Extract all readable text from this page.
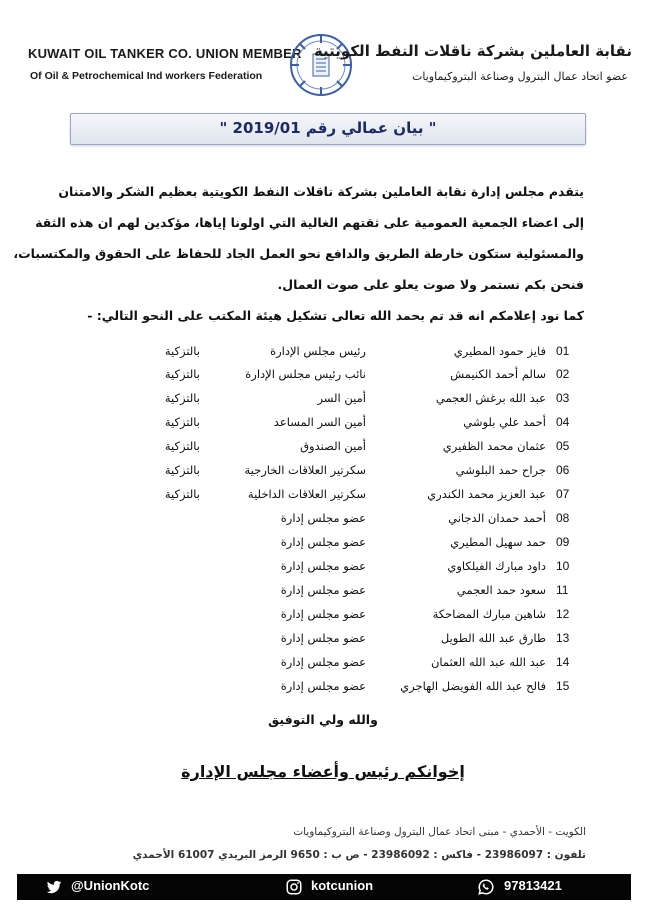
KUWAIT OIL TANKER CO. UNION MEMBER
Of Oil & Petrochemical Ind workers Federation
نقابة العاملين بشركة ناقلات النفط الكويتية
عضو اتحاد عمال البترول وصناعة البتروكيماويات
" بيان عمالي رقم 2019/01 "
يتقدم مجلس إدارة نقابة العاملين بشركة ناقلات النفط الكويتية بعظيم الشكر والامتنان
إلى اعضاء الجمعية العمومية على ثقتهم الغالية التي اولونا إياها، مؤكدين لهم ان هذه الثقة
والمسئولية ستكون خارطة الطريق والدافع نحو العمل الجاد للحفاظ على الحقوق والمكتسبات،
فنحن بكم نستمر ولا صوت يعلو على صوت العمال.
كما نود إعلامكم انه قد تم بحمد الله تعالى تشكيل هيئة المكتب على النحو التالي: -
01
فايز حمود المطيري
رئيس مجلس الإدارة
بالتزكية
02
سالم أحمد الكنيمش
نائب رئيس مجلس الإدارة
بالتزكية
03
عبد الله برغش العجمي
أمين السر
بالتزكية
04
أحمد علي بلوشي
أمين السر المساعد
بالتزكية
05
عثمان محمد الظفيري
أمين الصندوق
بالتزكية
06
جراح حمد البلوشي
سكرتير العلاقات الخارجية
بالتزكية
07
عبد العزيز محمد الكندري
سكرتير العلاقات الداخلية
بالتزكية
08
أحمد حمدان الدجاني
عضو مجلس إدارة
09
حمد سهيل المطيري
عضو مجلس إدارة
10
داود مبارك الفيلكاوي
عضو مجلس إدارة
11
سعود حمد العجمي
عضو مجلس إدارة
12
شاهين مبارك المضاحكة
عضو مجلس إدارة
13
طارق عبد الله الطويل
عضو مجلس إدارة
14
عبد الله عبد الله العثمان
عضو مجلس إدارة
15
فالح عبد الله الفويضل الهاجري
عضو مجلس إدارة
والله ولي التوفيق
إخوانكم رئيس وأعضاء مجلس الإدارة
الكويت - الأحمدي - مبنى اتحاد عمال البترول وصناعة البتروكيماويات
تلفون : 23986097 - فاكس : 23986092 - ص ب : 9650 الرمز البريدي 61007 الأحمدي
@UnionKotc	kotcunion	97813421
